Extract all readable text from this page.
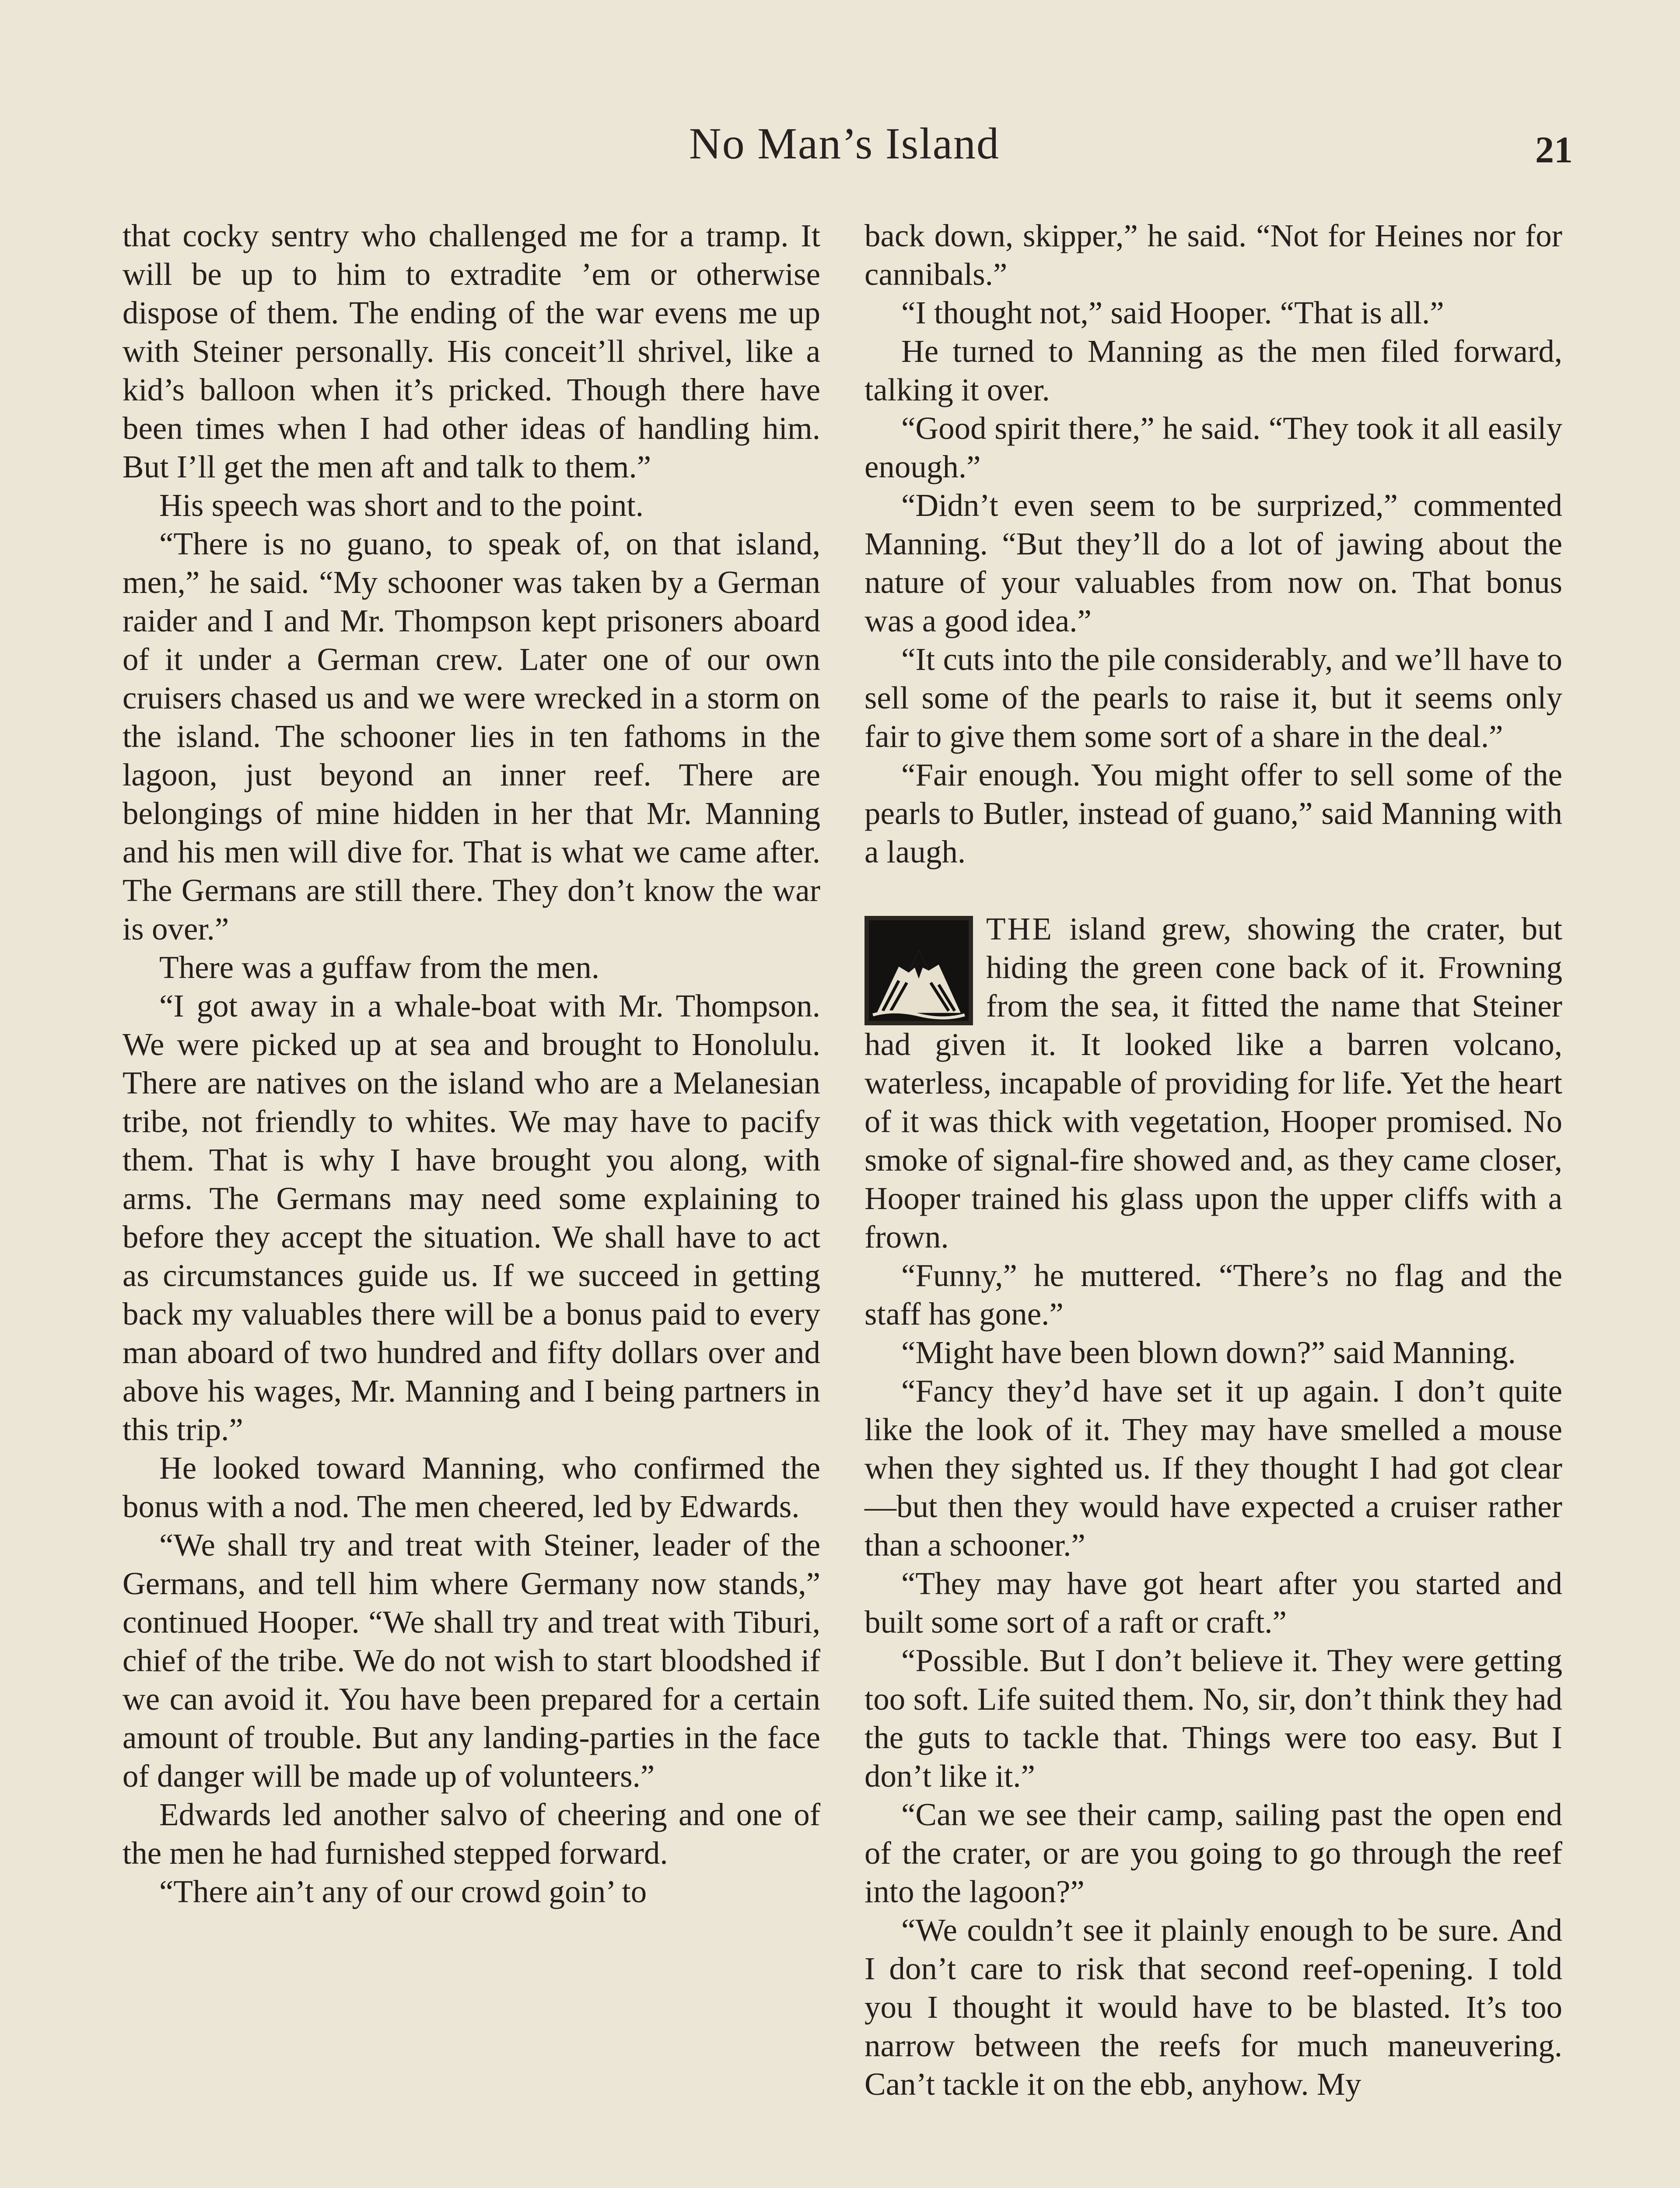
No Man’s Island	21

that cocky sentry who challenged me for a tramp. It will be up to him to extradite ’em or otherwise dispose of them. The ending of the war evens me up with Steiner personally. His conceit’ll shrivel, like a kid’s balloon when it’s pricked. Though there have been times when I had other ideas of handling him. But I’ll get the men aft and talk to them.”

His speech was short and to the point.

“There is no guano, to speak of, on that island, men,” he said. “My schooner was taken by a German raider and I and Mr. Thompson kept prisoners aboard of it under a German crew. Later one of our own cruisers chased us and we were wrecked in a storm on the island. The schooner lies in ten fathoms in the lagoon, just beyond an inner reef. There are belongings of mine hidden in her that Mr. Manning and his men will dive for. That is what we came after. The Germans are still there. They don’t know the war is over.”

There was a guffaw from the men.

“I got away in a whale-boat with Mr. Thompson. We were picked up at sea and brought to Honolulu. There are natives on the island who are a Melanesian tribe, not friendly to whites. We may have to pacify them. That is why I have brought you along, with arms. The Germans may need some explaining to before they accept the situation. We shall have to act as circumstances guide us. If we succeed in getting back my valuables there will be a bonus paid to every man aboard of two hundred and fifty dollars over and above his wages, Mr. Manning and I being partners in this trip.”

He looked toward Manning, who confirmed the bonus with a nod. The men cheered, led by Edwards.

“We shall try and treat with Steiner, leader of the Germans, and tell him where Germany now stands,” continued Hooper. “We shall try and treat with Tiburi, chief of the tribe. We do not wish to start bloodshed if we can avoid it. You have been prepared for a certain amount of trouble. But any landing-parties in the face of danger will be made up of volunteers.”

Edwards led another salvo of cheering and one of the men he had furnished stepped forward.

“There ain’t any of our crowd goin’ to

back down, skipper,” he said. “Not for Heines nor for cannibals.”

“I thought not,” said Hooper. “That is all.”

He turned to Manning as the men filed forward, talking it over.

“Good spirit there,” he said. “They took it all easily enough.”

“Didn’t even seem to be surprized,” commented Manning. “But they’ll do a lot of jawing about the nature of your valuables from now on. That bonus was a good idea.”

“It cuts into the pile considerably, and we’ll have to sell some of the pearls to raise it, but it seems only fair to give them some sort of a share in the deal.”

“Fair enough. You might offer to sell some of the pearls to Butler, instead of guano,” said Manning with a laugh.

THE island grew, showing the crater, but hiding the green cone back of it. Frowning from the sea, it fitted the name that Steiner had given it. It looked like a barren volcano, waterless, incapable of providing for life. Yet the heart of it was thick with vegetation, Hooper promised. No smoke of signal-fire showed and, as they came closer, Hooper trained his glass upon the upper cliffs with a frown.

“Funny,” he muttered. “There’s no flag and the staff has gone.”

“Might have been blown down?” said Manning.

“Fancy they’d have set it up again. I don’t quite like the look of it. They may have smelled a mouse when they sighted us. If they thought I had got clear—but then they would have expected a cruiser rather than a schooner.”

“They may have got heart after you started and built some sort of a raft or craft.”

“Possible. But I don’t believe it. They were getting too soft. Life suited them. No, sir, don’t think they had the guts to tackle that. Things were too easy. But I don’t like it.”

“Can we see their camp, sailing past the open end of the crater, or are you going to go through the reef into the lagoon?”

“We couldn’t see it plainly enough to be sure. And I don’t care to risk that second reef-opening. I told you I thought it would have to be blasted. It’s too narrow between the reefs for much maneuvering. Can’t tackle it on the ebb, anyhow. My
